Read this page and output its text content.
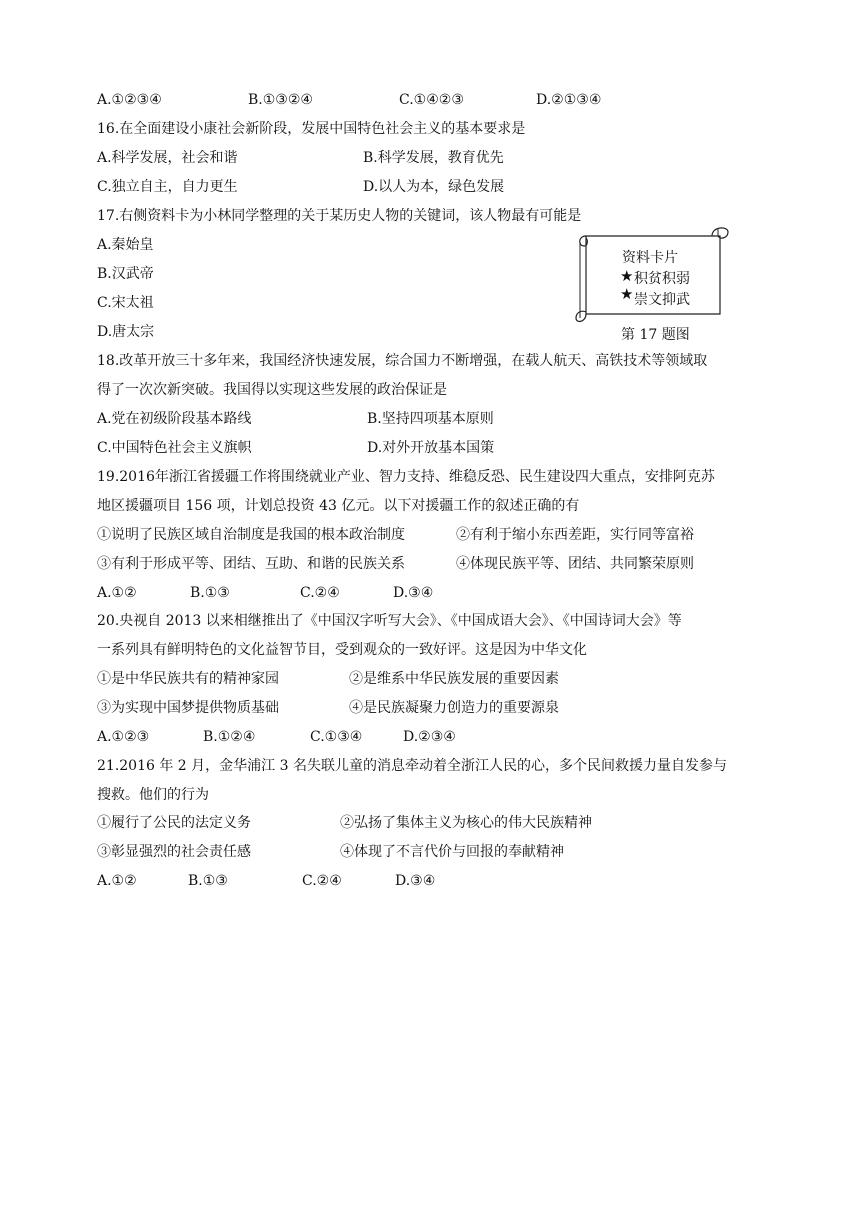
A.①②③④	B.①③②④	C.①④②③	D.②①③④
16.在全面建设小康社会新阶段，发展中国特色社会主义的基本要求是
A.科学发展，社会和谐	B.科学发展，教育优先
C.独立自主，自力更生	D.以人为本，绿色发展
17.右侧资料卡为小林同学整理的关于某历史人物的关键词，该人物最有可能是
A.秦始皇
B.汉武帝
C.宋太祖
D.唐太宗
资料卡片
★ 积贫积弱
★ 崇文抑武
第 17 题图
18.改革开放三十多年来，我国经济快速发展，综合国力不断增强，在载人航天、高铁技术等领域取
得了一次次新突破。我国得以实现这些发展的政治保证是
A.党在初级阶段基本路线	B.坚持四项基本原则
C.中国特色社会主义旗帜	D.对外开放基本国策
19.2016年浙江省援疆工作将围绕就业产业、智力支持、维稳反恐、民生建设四大重点，安排阿克苏
地区援疆项目 156 项，计划总投资 43 亿元。以下对援疆工作的叙述正确的有
①说明了民族区域自治制度是我国的根本政治制度	②有利于缩小东西差距，实行同等富裕
③有利于形成平等、团结、互助、和谐的民族关系	④体现民族平等、团结、共同繁荣原则
A.①②	B.①③	C.②④	D.③④
20.央视自 2013 以来相继推出了《中国汉字听写大会》、《中国成语大会》、《中国诗词大会》等
一系列具有鲜明特色的文化益智节目，受到观众的一致好评。这是因为中华文化
①是中华民族共有的精神家园	②是维系中华民族发展的重要因素
③为实现中国梦提供物质基础	④是民族凝聚力创造力的重要源泉
A.①②③	B.①②④	C.①③④	D.②③④
21.2016 年 2 月，金华浦江 3 名失联儿童的消息牵动着全浙江人民的心，多个民间救援力量自发参与
搜救。他们的行为
①履行了公民的法定义务	②弘扬了集体主义为核心的伟大民族精神
③彰显强烈的社会责任感	④体现了不言代价与回报的奉献精神
A.①②	B.①③	C.②④	D.③④
